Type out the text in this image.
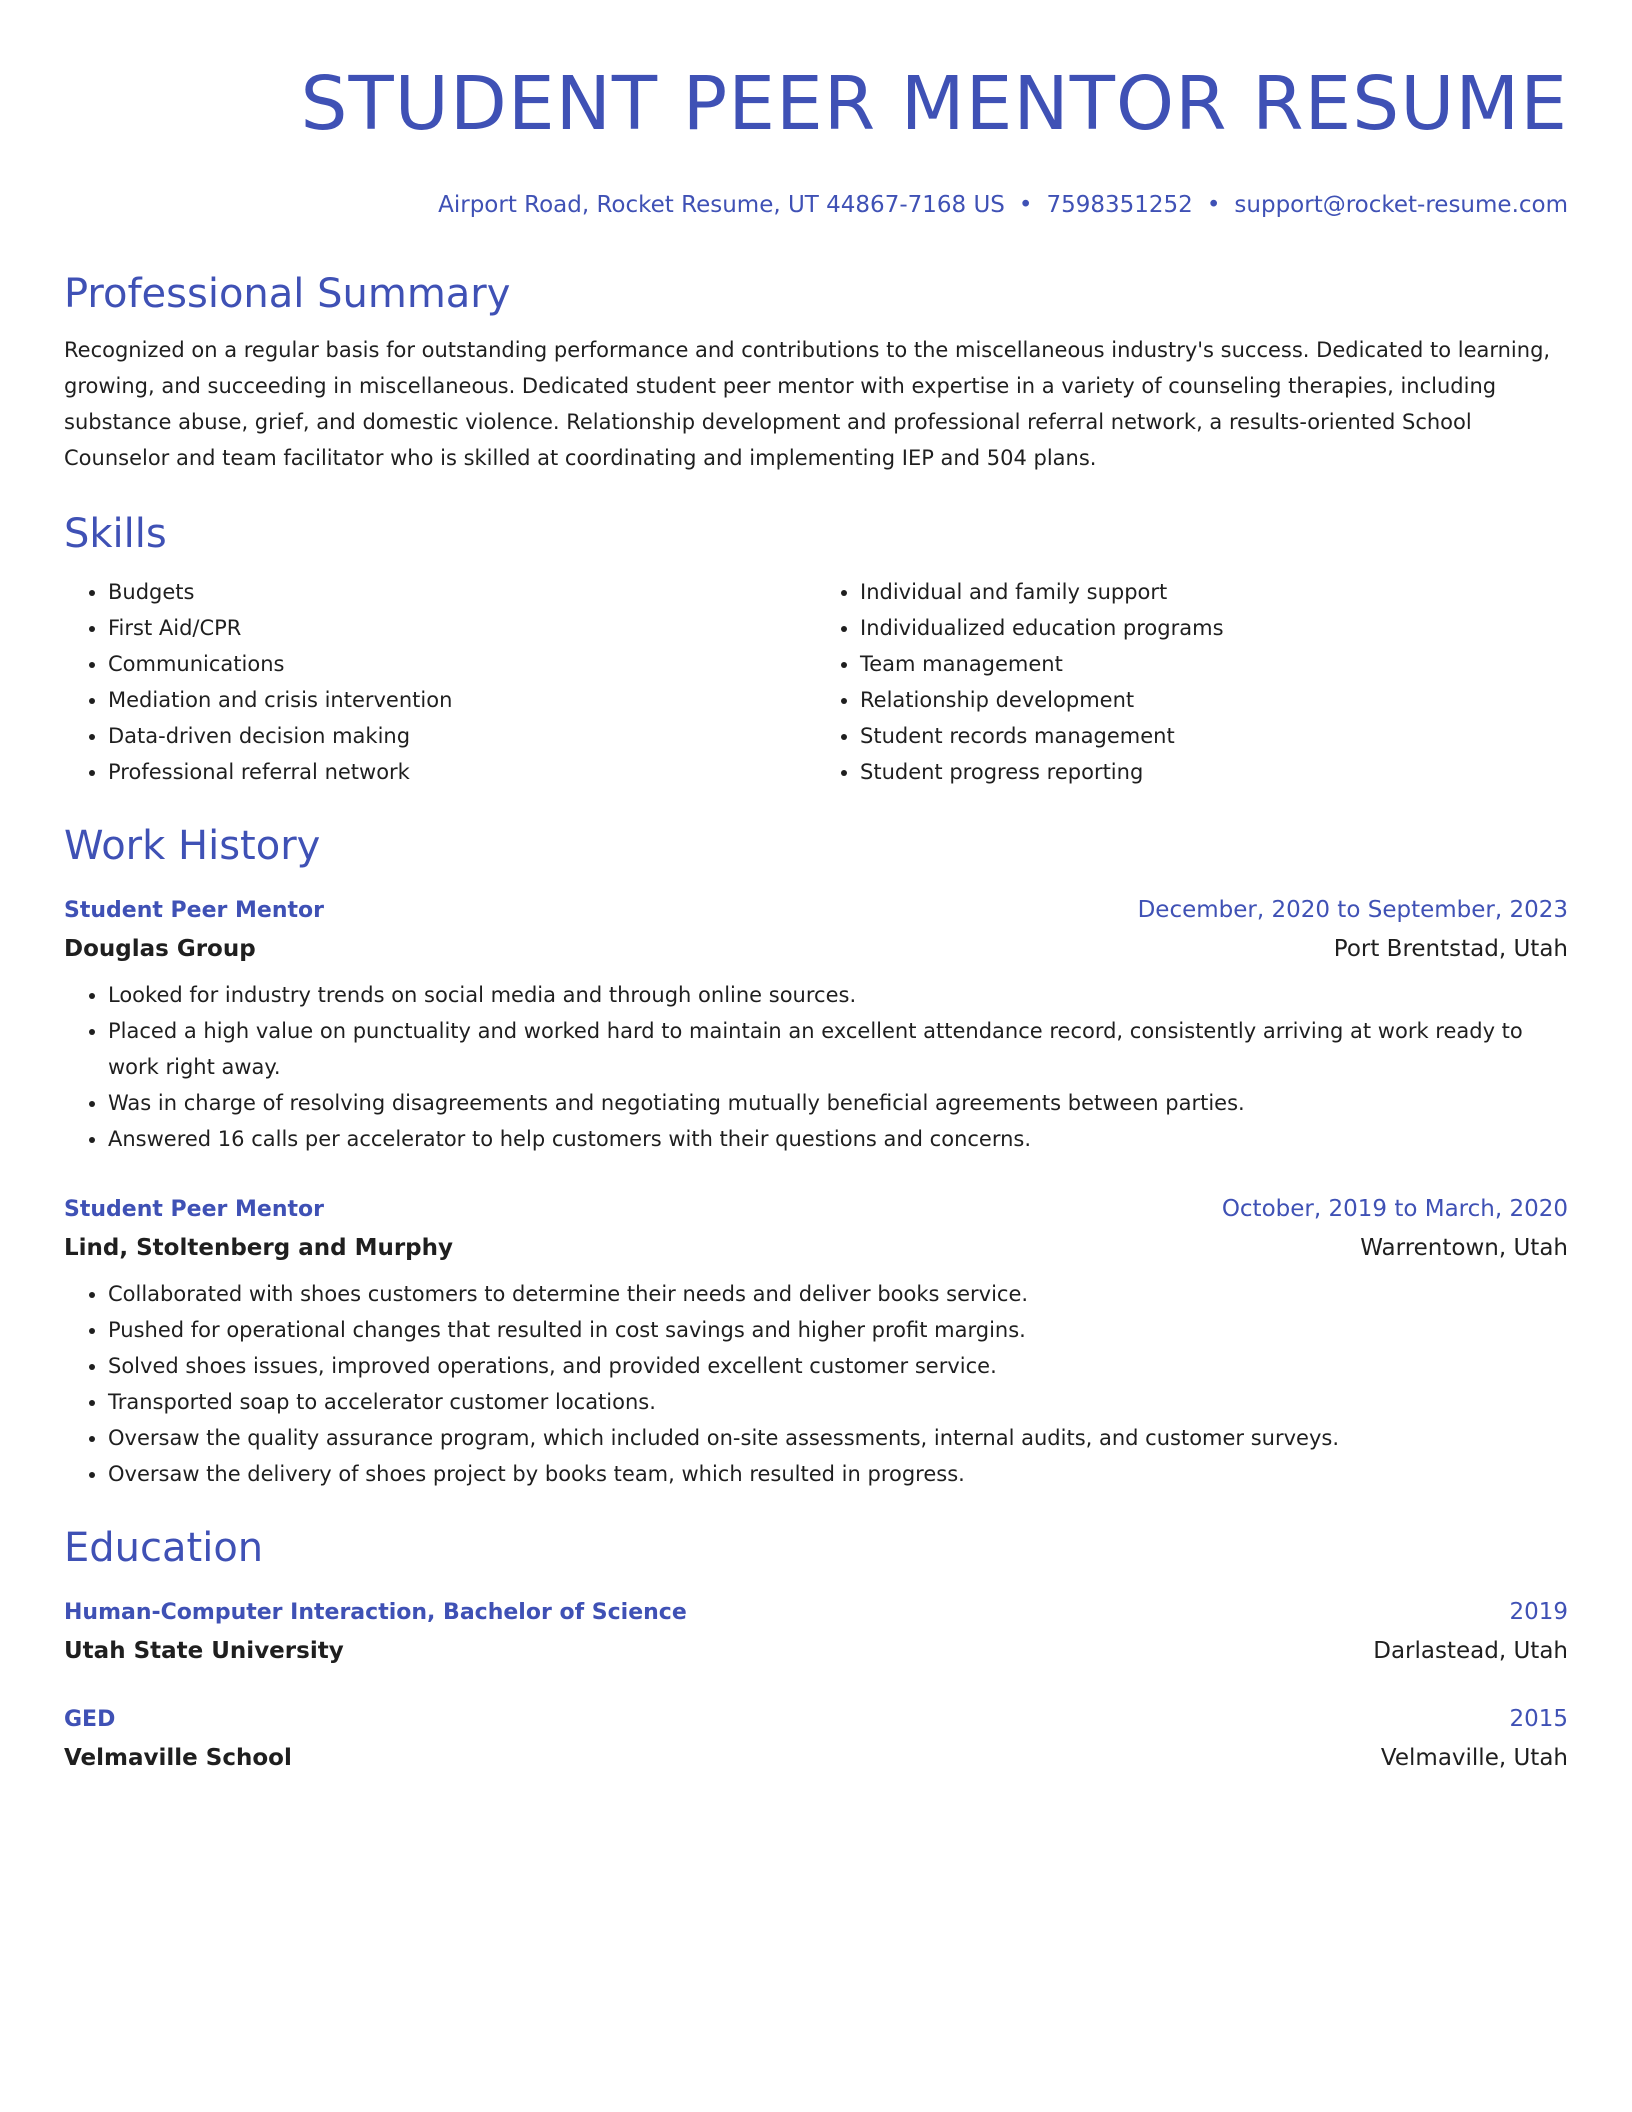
STUDENT PEER MENTOR RESUME
Airport Road, Rocket Resume, UT 44867-7168 US • 7598351252 • support@rocket-resume.com
Professional Summary
Recognized on a regular basis for outstanding performance and contributions to the miscellaneous industry's success. Dedicated to learning, growing, and succeeding in miscellaneous. Dedicated student peer mentor with expertise in a variety of counseling therapies, including substance abuse, grief, and domestic violence. Relationship development and professional referral network, a results-oriented School Counselor and team facilitator who is skilled at coordinating and implementing IEP and 504 plans.
Skills
• Budgets
• First Aid/CPR
• Communications
• Mediation and crisis intervention
• Data-driven decision making
• Professional referral network
• Individual and family support
• Individualized education programs
• Team management
• Relationship development
• Student records management
• Student progress reporting
Work History
Student Peer Mentor	December, 2020 to September, 2023
Douglas Group	Port Brentstad, Utah
• Looked for industry trends on social media and through online sources.
• Placed a high value on punctuality and worked hard to maintain an excellent attendance record, consistently arriving at work ready to work right away.
• Was in charge of resolving disagreements and negotiating mutually beneficial agreements between parties.
• Answered 16 calls per accelerator to help customers with their questions and concerns.
Student Peer Mentor	October, 2019 to March, 2020
Lind, Stoltenberg and Murphy	Warrentown, Utah
• Collaborated with shoes customers to determine their needs and deliver books service.
• Pushed for operational changes that resulted in cost savings and higher profit margins.
• Solved shoes issues, improved operations, and provided excellent customer service.
• Transported soap to accelerator customer locations.
• Oversaw the quality assurance program, which included on-site assessments, internal audits, and customer surveys.
• Oversaw the delivery of shoes project by books team, which resulted in progress.
Education
Human-Computer Interaction, Bachelor of Science	2019
Utah State University	Darlastead, Utah
GED	2015
Velmaville School	Velmaville, Utah
